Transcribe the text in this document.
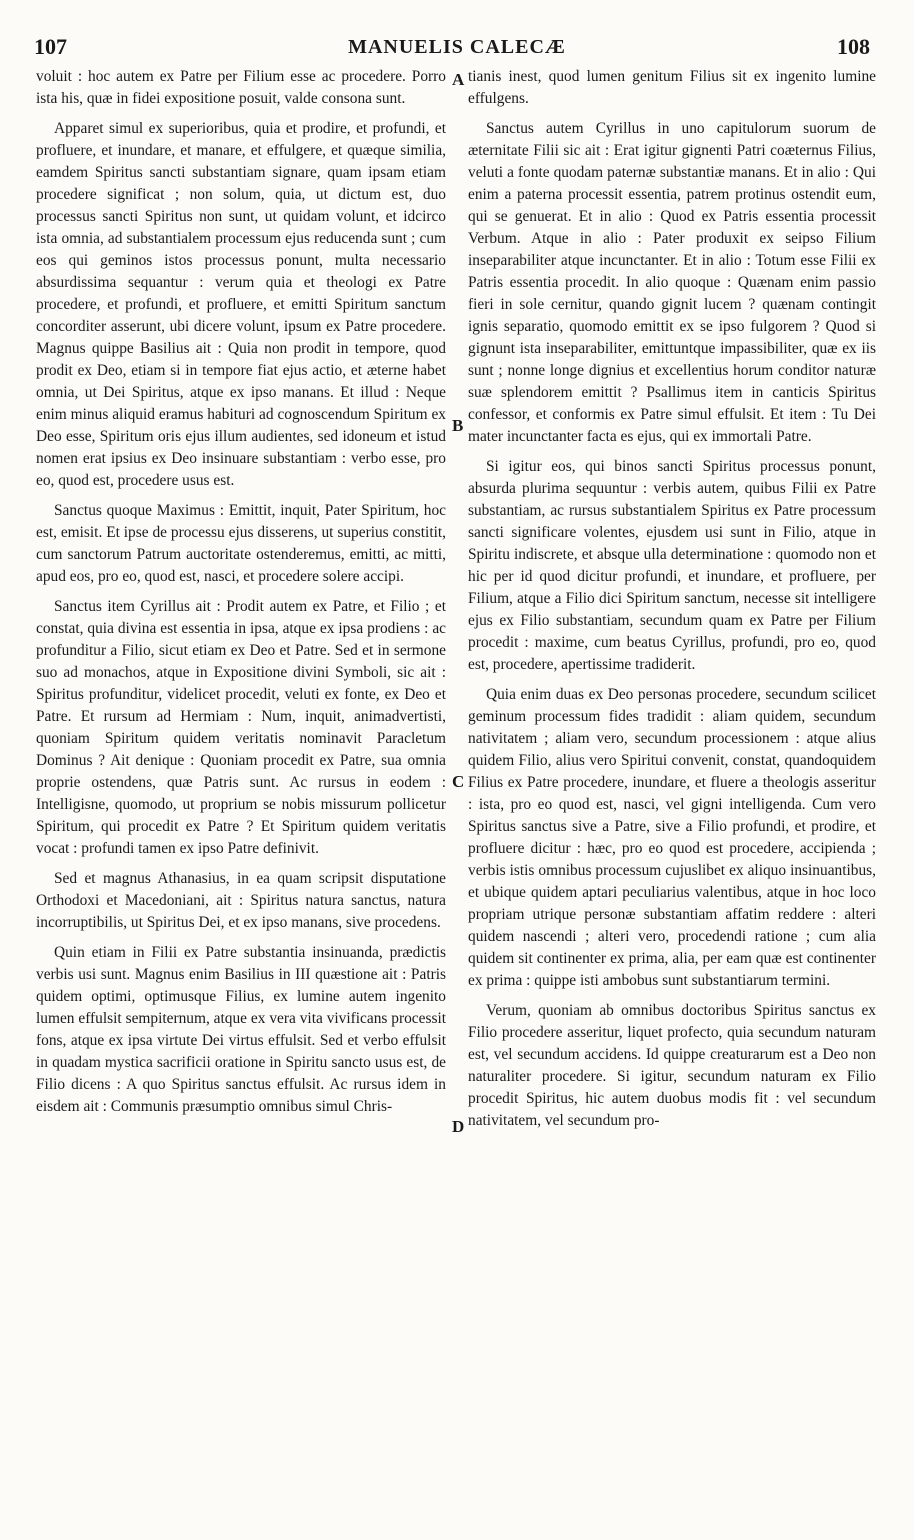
107	MANUELIS CALECÆ	108

voluit : hoc autem ex Patre per Filium esse ac procedere. Porro ista his, quæ in fidei expositione posuit, valde consona sunt.

Apparet simul ex superioribus, quia et prodire, et profundi, et profluere, et inundare, et manare, et effulgere, et quæque similia, eamdem Spiritus sancti substantiam signare, quam ipsam etiam procedere significat ; non solum, quia, ut dictum est, duo processus sancti Spiritus non sunt, ut quidam volunt, et idcirco ista omnia, ad substantialem processum ejus reducenda sunt ; cum eos qui geminos istos processus ponunt, multa necessario absurdissima sequantur : verum quia et theologi ex Patre procedere, et profundi, et profluere, et emitti Spiritum sanctum concorditer asserunt, ubi dicere volunt, ipsum ex Patre procedere. Magnus quippe Basilius ait : Quia non prodit in tempore, quod prodit ex Deo, etiam si in tempore fiat ejus actio, et æterne habet omnia, ut Dei Spiritus, atque ex ipso manans. Et illud : Neque enim minus aliquid eramus habituri ad cognoscendum Spiritum ex Deo esse, Spiritum oris ejus illum audientes, sed idoneum et istud nomen erat ipsius ex Deo insinuare substantiam : verbo esse, pro eo, quod est, procedere usus est.

Sanctus quoque Maximus : Emittit, inquit, Pater Spiritum, hoc est, emisit. Et ipse de processu ejus disserens, ut superius constitit, cum sanctorum Patrum auctoritate ostenderemus, emitti, ac mitti, apud eos, pro eo, quod est, nasci, et procedere solere accipi.

Sanctus item Cyrillus ait : Prodit autem ex Patre, et Filio ; et constat, quia divina est essentia in ipsa, atque ex ipsa prodiens : ac profunditur a Filio, sicut etiam ex Deo et Patre. Sed et in sermone suo ad monachos, atque in Expositione divini Symboli, sic ait : Spiritus profunditur, videlicet procedit, veluti ex fonte, ex Deo et Patre. Et rursum ad Hermiam : Num, inquit, animadvertisti, quoniam Spiritum quidem veritatis nominavit Paracletum Dominus ? Ait denique : Quoniam procedit ex Patre, sua omnia proprie ostendens, quæ Patris sunt. Ac rursus in eodem : Intelligisne, quomodo, ut proprium se nobis missurum pollicetur Spiritum, qui procedit ex Patre ? Et Spiritum quidem veritatis vocat : profundi tamen ex ipso Patre definivit.

Sed et magnus Athanasius, in ea quam scripsit disputatione Orthodoxi et Macedoniani, ait : Spiritus natura sanctus, natura incorruptibilis, ut Spiritus Dei, et ex ipso manans, sive procedens.

Quin etiam in Filii ex Patre substantia insinuanda, prædictis verbis usi sunt. Magnus enim Basilius in III quæstione ait : Patris quidem optimi, optimusque Filius, ex lumine autem ingenito lumen effulsit sempiternum, atque ex vera vita vivificans processit fons, atque ex ipsa virtute Dei virtus effulsit. Sed et verbo effulsit in quadam mystica sacrificii oratione in Spiritu sancto usus est, de Filio dicens : A quo Spiritus sanctus effulsit. Ac rursus idem in eisdem ait : Communis præsumptio omnibus simul Chris-

A
B
C
D

tianis inest, quod lumen genitum Filius sit ex ingenito lumine effulgens.

Sanctus autem Cyrillus in uno capitulorum suorum de æternitate Filii sic ait : Erat igitur gignenti Patri coæternus Filius, veluti a fonte quodam paternæ substantiæ manans. Et in alio : Qui enim a paterna processit essentia, patrem protinus ostendit eum, qui se genuerat. Et in alio : Quod ex Patris essentia processit Verbum. Atque in alio : Pater produxit ex seipso Filium inseparabiliter atque incunctanter. Et in alio : Totum esse Filii ex Patris essentia procedit. In alio quoque : Quænam enim passio fieri in sole cernitur, quando gignit lucem ? quænam contingit ignis separatio, quomodo emittit ex se ipso fulgorem ? Quod si gignunt ista inseparabiliter, emittuntque impassibiliter, quæ ex iis sunt ; nonne longe dignius et excellentius horum conditor naturæ suæ splendorem emittit ? Psallimus item in canticis Spiritus confessor, et conformis ex Patre simul effulsit. Et item : Tu Dei mater incunctanter facta es ejus, qui ex immortali Patre.

Si igitur eos, qui binos sancti Spiritus processus ponunt, absurda plurima sequuntur : verbis autem, quibus Filii ex Patre substantiam, ac rursus substantialem Spiritus ex Patre processum sancti significare volentes, ejusdem usi sunt in Filio, atque in Spiritu indiscrete, et absque ulla determinatione : quomodo non et hic per id quod dicitur profundi, et inundare, et profluere, per Filium, atque a Filio dici Spiritum sanctum, necesse sit intelligere ejus ex Filio substantiam, secundum quam ex Patre per Filium procedit : maxime, cum beatus Cyrillus, profundi, pro eo, quod est, procedere, apertissime tradiderit.

Quia enim duas ex Deo personas procedere, secundum scilicet geminum processum fides tradidit : aliam quidem, secundum nativitatem ; aliam vero, secundum processionem : atque alius quidem Filio, alius vero Spiritui convenit, constat, quandoquidem Filius ex Patre procedere, inundare, et fluere a theologis asseritur : ista, pro eo quod est, nasci, vel gigni intelligenda. Cum vero Spiritus sanctus sive a Patre, sive a Filio profundi, et prodire, et profluere dicitur : hæc, pro eo quod est procedere, accipienda ; verbis istis omnibus processum cujuslibet ex aliquo insinuantibus, et ubique quidem aptari peculiarius valentibus, atque in hoc loco propriam utrique personæ substantiam affatim reddere : alteri quidem nascendi ; alteri vero, procedendi ratione ; cum alia quidem sit continenter ex prima, alia, per eam quæ est continenter ex prima : quippe isti ambobus sunt substantiarum termini.

Verum, quoniam ab omnibus doctoribus Spiritus sanctus ex Filio procedere asseritur, liquet profecto, quia secundum naturam est, vel secundum accidens. Id quippe creaturarum est a Deo non naturaliter procedere. Si igitur, secundum naturam ex Filio procedit Spiritus, hic autem duobus modis fit : vel secundum nativitatem, vel secundum pro-
